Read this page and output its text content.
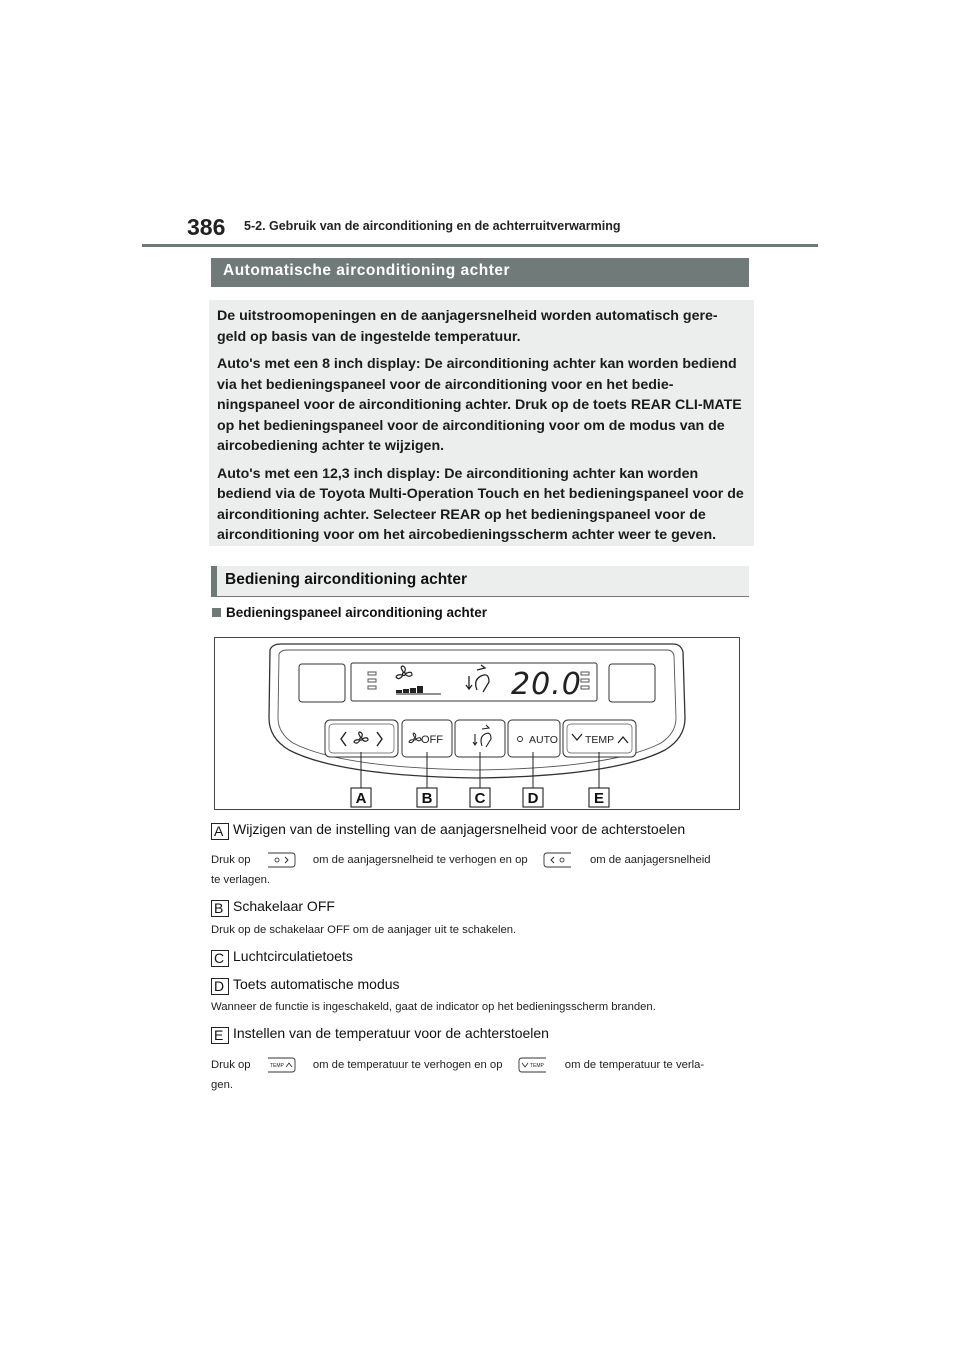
386 5-2. Gebruik van de airconditioning en de achterruitverwarming
Automatische airconditioning achter

De uitstroomopeningen en de aanjagersnelheid worden automatisch gere-geld op basis van de ingestelde temperatuur.

Auto's met een 8 inch display: De airconditioning achter kan worden bediend via het bedieningspaneel voor de airconditioning voor en het bedie-ningspaneel voor de airconditioning achter. Druk op de toets REAR CLI-MATE op het bedieningspaneel voor de airconditioning voor om de modus van de aircobediening achter te wijzigen.

Auto's met een 12,3 inch display: De airconditioning achter kan worden bediend via de Toyota Multi-Operation Touch en het bedieningspaneel voor de airconditioning achter. Selecteer REAR op het bedieningspaneel voor de airconditioning voor om het aircobedieningsscherm achter weer te geven.

Bediening airconditioning achter
Bedieningspaneel airconditioning achter
20.0
OFF	AUTO	TEMP
A	B	C	D	E
A Wijzigen van de instelling van de aanjagersnelheid voor de achterstoelen
Druk op	om de aanjagersnelheid te verhogen en op	om de aanjagersnelheid
te verlagen.
B Schakelaar OFF
Druk op de schakelaar OFF om de aanjager uit te schakelen.
C Luchtcirculatietoets
D Toets automatische modus
Wanneer de functie is ingeschakeld, gaat de indicator op het bedieningsscherm branden.
E Instellen van de temperatuur voor de achterstoelen
Druk op	TEMP	om de temperatuur te verhogen en op	TEMP om de temperatuur te verla-
gen.
